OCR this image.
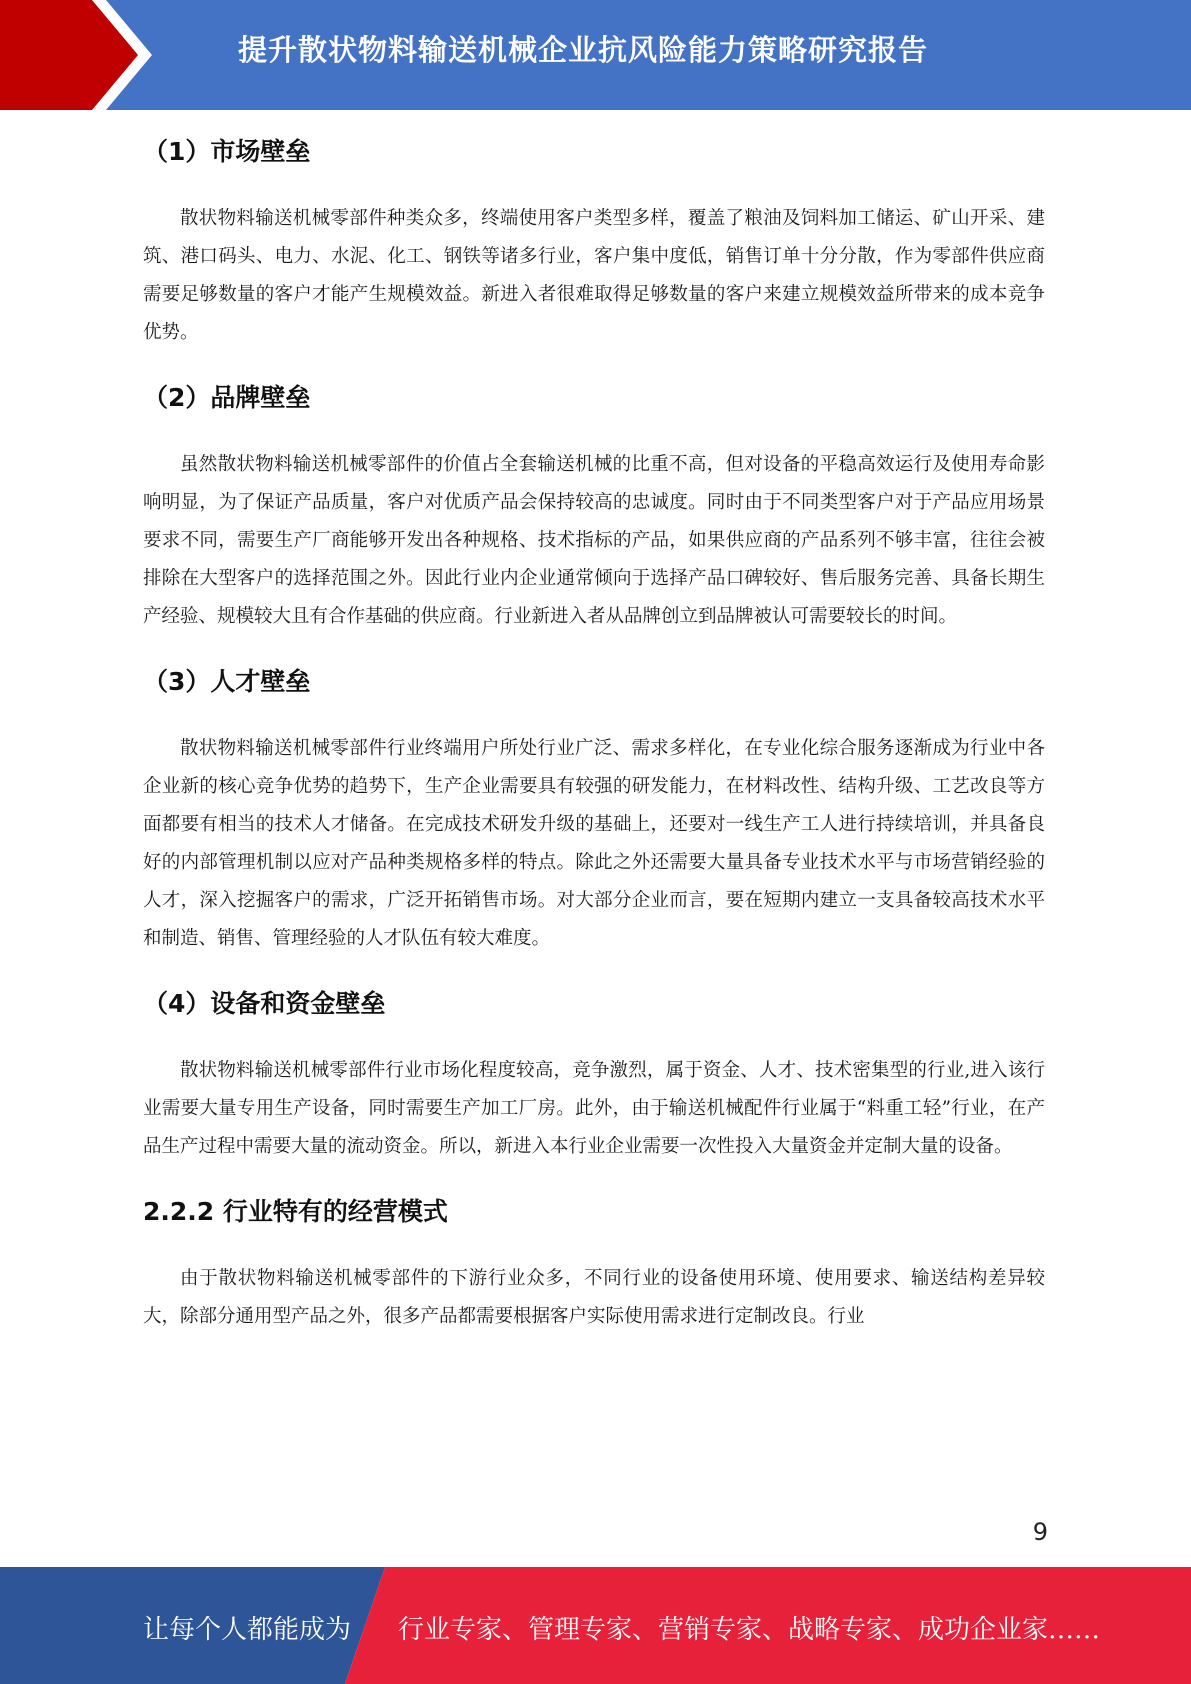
提升散状物料输送机械企业抗风险能力策略研究报告
（1）市场壁垒

散状物料输送机械零部件种类众多，终端使用客户类型多样，覆盖了粮油及饲料加工储运、矿山开采、建筑、港口码头、电力、水泥、化工、钢铁等诸多行业，客户集中度低，销售订单十分分散，作为零部件供应商需要足够数量的客户才能产生规模效益。新进入者很难取得足够数量的客户来建立规模效益所带来的成本竞争优势。

（2）品牌壁垒

虽然散状物料输送机械零部件的价值占全套输送机械的比重不高，但对设备的平稳高效运行及使用寿命影响明显，为了保证产品质量，客户对优质产品会保持较高的忠诚度。同时由于不同类型客户对于产品应用场景要求不同，需要生产厂商能够开发出各种规格、技术指标的产品，如果供应商的产品系列不够丰富，往往会被排除在大型客户的选择范围之外。因此行业内企业通常倾向于选择产品口碑较好、售后服务完善、具备长期生产经验、规模较大且有合作基础的供应商。行业新进入者从品牌创立到品牌被认可需要较长的时间。

（3）人才壁垒

散状物料输送机械零部件行业终端用户所处行业广泛、需求多样化，在专业化综合服务逐渐成为行业中各企业新的核心竞争优势的趋势下，生产企业需要具有较强的研发能力，在材料改性、结构升级、工艺改良等方面都要有相当的技术人才储备。在完成技术研发升级的基础上，还要对一线生产工人进行持续培训，并具备良好的内部管理机制以应对产品种类规格多样的特点。除此之外还需要大量具备专业技术水平与市场营销经验的人才，深入挖掘客户的需求，广泛开拓销售市场。对大部分企业而言，要在短期内建立一支具备较高技术水平和制造、销售、管理经验的人才队伍有较大难度。

（4）设备和资金壁垒

散状物料输送机械零部件行业市场化程度较高，竞争激烈，属于资金、人才、技术密集型的行业,进入该行业需要大量专用生产设备，同时需要生产加工厂房。此外，由于输送机械配件行业属于“料重工轻”行业，在产品生产过程中需要大量的流动资金。所以，新进入本行业企业需要一次性投入大量资金并定制大量的设备。

2.2.2 行业特有的经营模式

由于散状物料输送机械零部件的下游行业众多，不同行业的设备使用环境、使用要求、输送结构差异较大，除部分通用型产品之外，很多产品都需要根据客户实际使用需求进行定制改良。行业

9
让每个人都能成为 行业专家、管理专家、营销专家、战略专家、成功企业家……
